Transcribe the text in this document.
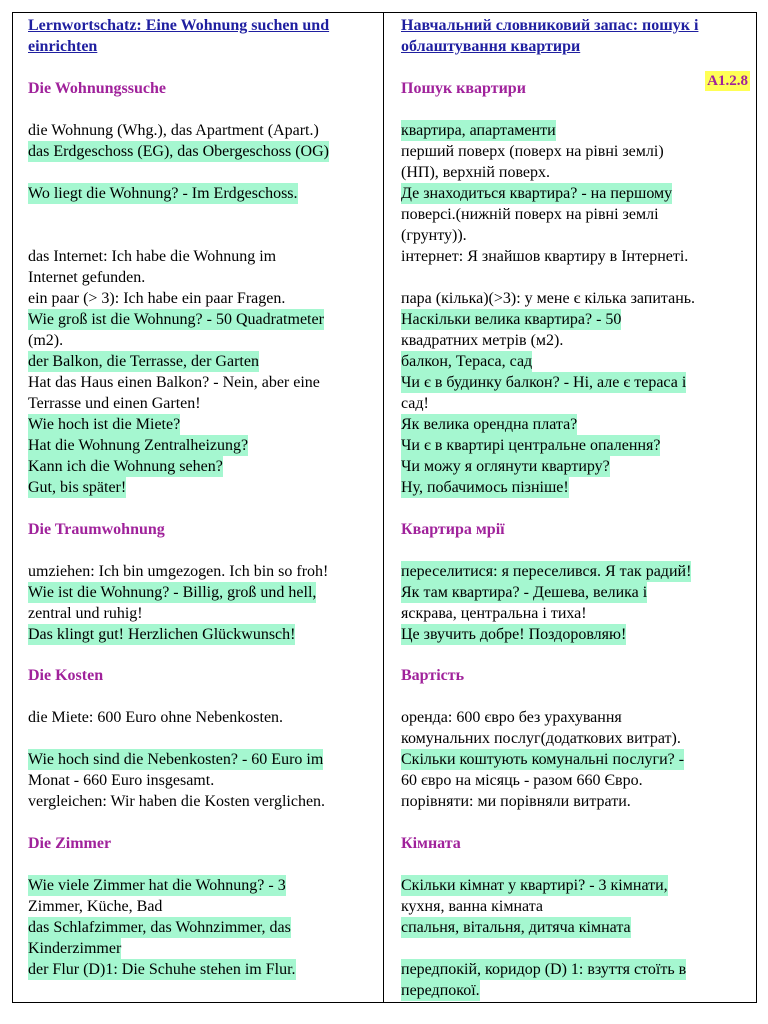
Lernwortschatz: Eine Wohnung suchen und
einrichten
Die Wohnungssuche
die Wohnung (Whg.), das Apartment (Apart.)
das Erdgeschoss (EG), das Obergeschoss (OG)
Wo liegt die Wohnung? - Im Erdgeschoss.
das Internet: Ich habe die Wohnung im
Internet gefunden.
ein paar (> 3): Ich habe ein paar Fragen.
Wie groß ist die Wohnung? - 50 Quadratmeter
(m2).
der Balkon, die Terrasse, der Garten
Hat das Haus einen Balkon? - Nein, aber eine
Terrasse und einen Garten!
Wie hoch ist die Miete?
Hat die Wohnung Zentralheizung?
Kann ich die Wohnung sehen?
Gut, bis später!
Die Traumwohnung
umziehen: Ich bin umgezogen. Ich bin so froh!
Wie ist die Wohnung? - Billig, groß und hell,
zentral und ruhig!
Das klingt gut! Herzlichen Glückwunsch!
Die Kosten
die Miete: 600 Euro ohne Nebenkosten.
Wie hoch sind die Nebenkosten? - 60 Euro im
Monat - 660 Euro insgesamt.
vergleichen: Wir haben die Kosten verglichen.
Die Zimmer
Wie viele Zimmer hat die Wohnung? - 3
Zimmer, Küche, Bad
das Schlafzimmer, das Wohnzimmer, das
Kinderzimmer
der Flur (D)1: Die Schuhe stehen im Flur.
Навчальний словниковий запас: пошук і
облаштування квартири
Пошук квартири
квартира, апартаменти
перший поверх (поверх на рівні землі)
(НП), верхній поверх.
Де знаходиться квартира? - на першому
поверсі.(нижній поверх на рівні землі
(грунту)).
інтернет: Я знайшов квартиру в Інтернеті.
пара (кілька)(>3): у мене є кілька запитань.
Наскільки велика квартира? - 50
квадратних метрів (м2).
балкон, Тераса, сад
Чи є в будинку балкон? - Ні, але є тераса і
сад!
Як велика орендна плата?
Чи є в квартирі центральне опалення?
Чи можу я оглянути квартиру?
Ну, побачимось пізніше!
Квартира мрії
переселитися: я переселився. Я так радий!
Як там квартира? - Дешева, велика і
яскрава, центральна і тиха!
Це звучить добре! Поздоровляю!
Вартість
оренда: 600 євро без урахування
комунальних послуг(додаткових витрат).
Скільки коштують комунальні послуги? -
60 євро на місяць - разом 660 Євро.
порівняти: ми порівняли витрати.
Кімната
Скільки кімнат у квартирі? - 3 кімнати,
кухня, ванна кімната
спальня, вітальня, дитяча кімната
передпокій, коридор (D) 1: взуття стоїть в
передпокої.
A1.2.8
